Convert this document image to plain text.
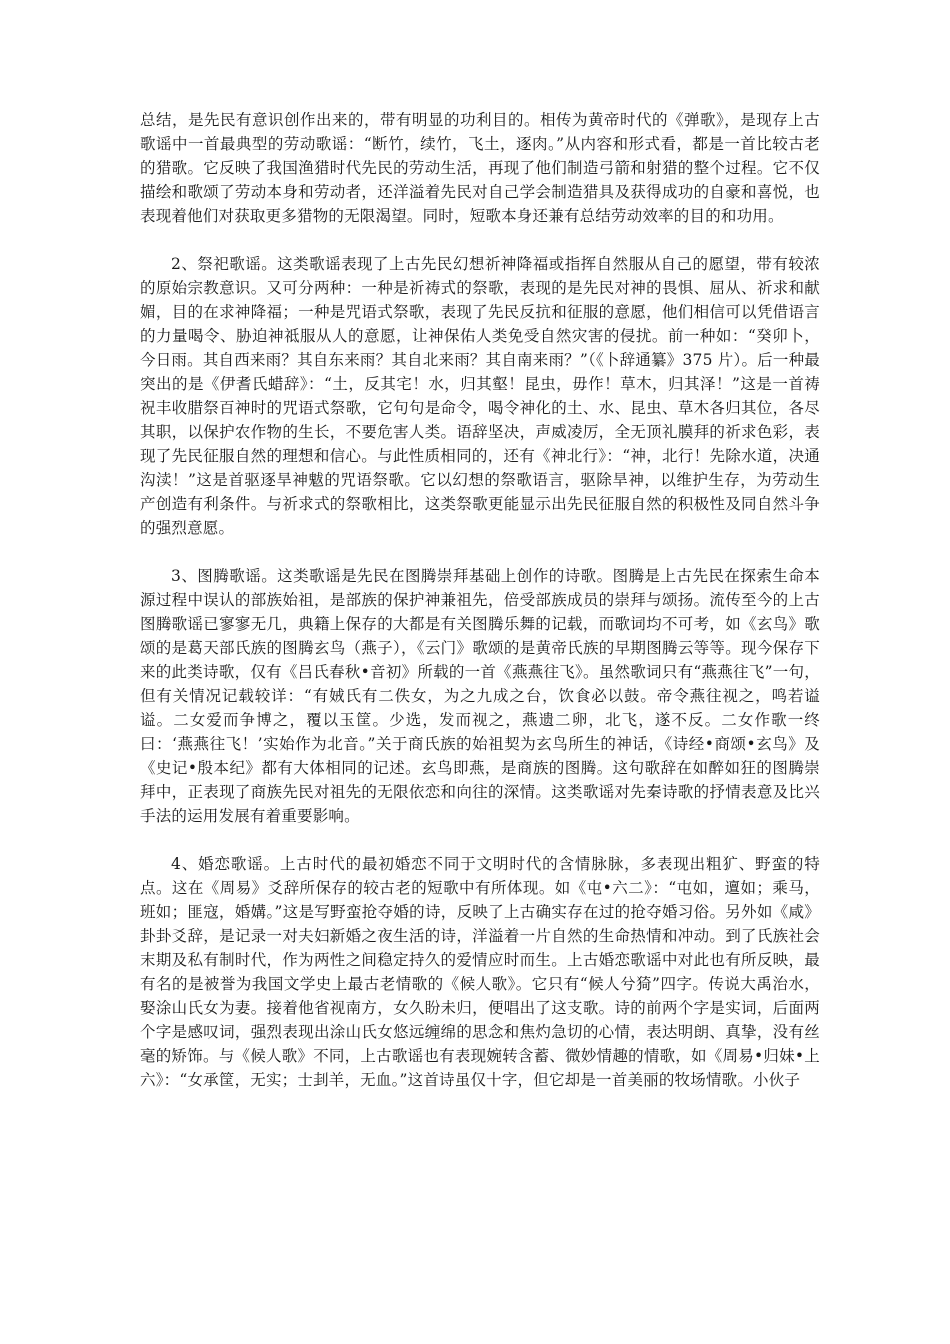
总结，是先民有意识创作出来的，带有明显的功利目的。相传为黄帝时代的《弹歌》，是现存上古歌谣中一首最典型的劳动歌谣：“断竹，续竹，飞土，逐肉。”从内容和形式看，都是一首比较古老的猎歌。它反映了我国渔猎时代先民的劳动生活，再现了他们制造弓箭和射猎的整个过程。它不仅描绘和歌颂了劳动本身和劳动者，还洋溢着先民对自己学会制造猎具及获得成功的自豪和喜悦，也表现着他们对获取更多猎物的无限渴望。同时，短歌本身还兼有总结劳动效率的目的和功用。

2、祭祀歌谣。这类歌谣表现了上古先民幻想祈神降福或指挥自然服从自己的愿望，带有较浓的原始宗教意识。又可分两种：一种是祈祷式的祭歌，表现的是先民对神的畏惧、屈从、祈求和献媚，目的在求神降福；一种是咒语式祭歌，表现了先民反抗和征服的意愿，他们相信可以凭借语言的力量喝令、胁迫神祗服从人的意愿，让神保佑人类免受自然灾害的侵扰。前一种如：“癸卯卜，今日雨。其自西来雨？其自东来雨？其自北来雨？其自南来雨？”（《卜辞通纂》375 片）。后一种最突出的是《伊耆氏蜡辞》：“土，反其宅！水，归其壑！昆虫，毋作！草木，归其泽！”这是一首祷祝丰收腊祭百神时的咒语式祭歌，它句句是命令，喝令神化的土、水、昆虫、草木各归其位，各尽其职，以保护农作物的生长，不要危害人类。语辞坚决，声威凌厉，全无顶礼膜拜的祈求色彩，表现了先民征服自然的理想和信心。与此性质相同的，还有《神北行》：“神，北行！先除水道，决通沟渎！”这是首驱逐旱神魃的咒语祭歌。它以幻想的祭歌语言，驱除旱神，以维护生存，为劳动生产创造有利条件。与祈求式的祭歌相比，这类祭歌更能显示出先民征服自然的积极性及同自然斗争的强烈意愿。

3、图腾歌谣。这类歌谣是先民在图腾崇拜基础上创作的诗歌。图腾是上古先民在探索生命本源过程中误认的部族始祖，是部族的保护神兼祖先，倍受部族成员的崇拜与颂扬。流传至今的上古图腾歌谣已寥寥无几，典籍上保存的大都是有关图腾乐舞的记载，而歌词均不可考，如《玄鸟》歌颂的是葛天部氏族的图腾玄鸟（燕子），《云门》歌颂的是黄帝氏族的早期图腾云等等。现今保存下来的此类诗歌，仅有《吕氏春秋•音初》所载的一首《燕燕往飞》。虽然歌词只有“燕燕往飞”一句，但有关情况记载较详：“有娀氏有二佚女，为之九成之台，饮食必以鼓。帝令燕往视之，鸣若谥谥。二女爱而争博之，覆以玉筐。少选，发而视之，燕遗二卵，北飞，遂不反。二女作歌一终曰：‘燕燕往飞！’实始作为北音。”关于商氏族的始祖契为玄鸟所生的神话，《诗经•商颂•玄鸟》及《史记•殷本纪》都有大体相同的记述。玄鸟即燕，是商族的图腾。这句歌辞在如醉如狂的图腾崇拜中，正表现了商族先民对祖先的无限依恋和向往的深情。这类歌谣对先秦诗歌的抒情表意及比兴手法的运用发展有着重要影响。

4、婚恋歌谣。上古时代的最初婚恋不同于文明时代的含情脉脉，多表现出粗犷、野蛮的特点。这在《周易》爻辞所保存的较古老的短歌中有所体现。如《屯•六二》：“屯如，邅如；乘马，班如；匪寇，婚媾。”这是写野蛮抢夺婚的诗，反映了上古确实存在过的抢夺婚习俗。另外如《咸》卦卦爻辞，是记录一对夫妇新婚之夜生活的诗，洋溢着一片自然的生命热情和冲动。到了氏族社会末期及私有制时代，作为两性之间稳定持久的爱情应时而生。上古婚恋歌谣中对此也有所反映，最有名的是被誉为我国文学史上最古老情歌的《候人歌》。它只有“候人兮猗”四字。传说大禹治水，娶涂山氏女为妻。接着他省视南方，女久盼未归，便唱出了这支歌。诗的前两个字是实词，后面两个字是感叹词，强烈表现出涂山氏女悠远缠绵的思念和焦灼急切的心情，表达明朗、真挚，没有丝毫的矫饰。与《候人歌》不同，上古歌谣也有表现婉转含蓄、微妙情趣的情歌，如《周易•归妹•上六》：“女承筐，无实；士刲羊，无血。”这首诗虽仅十字，但它却是一首美丽的牧场情歌。小伙子
